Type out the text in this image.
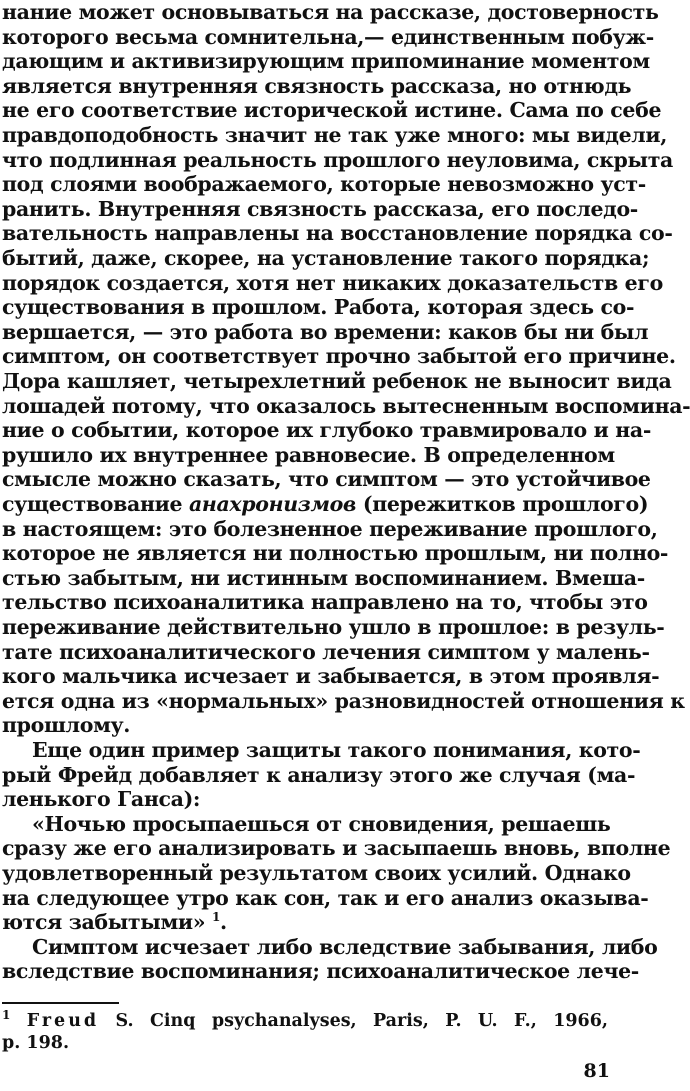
нание может основываться на рассказе, достоверность
которого весьма сомнительна,— единственным побуж-
дающим и активизирующим припоминание моментом
является внутренняя связность рассказа, но отнюдь
не его соответствие исторической истине. Сама по себе
правдоподобность значит не так уже много: мы видели,
что подлинная реальность прошлого неуловима, скрыта
под слоями воображаемого, которые невозможно уст-
ранить. Внутренняя связность рассказа, его последо-
вательность направлены на восстановление порядка со-
бытий, даже, скорее, на установление такого порядка;
порядок создается, хотя нет никаких доказательств его
существования в прошлом. Работа, которая здесь со-
вершается, — это работа во времени: каков бы ни был
симптом, он соответствует прочно забытой его причине.
Дора кашляет, четырехлетний ребенок не выносит вида
лошадей потому, что оказалось вытесненным воспомина-
ние о событии, которое их глубоко травмировало и на-
рушило их внутреннее равновесие. В определенном
смысле можно сказать, что симптом — это устойчивое
существование анахронизмов (пережитков прошлого)
в настоящем: это болезненное переживание прошлого,
которое не является ни полностью прошлым, ни полно-
стью забытым, ни истинным воспоминанием. Вмеша-
тельство психоаналитика направлено на то, чтобы это
переживание действительно ушло в прошлое: в резуль-
тате психоаналитического лечения симптом у малень-
кого мальчика исчезает и забывается, в этом проявля-
ется одна из «нормальных» разновидностей отношения к
прошлому.
Еще один пример защиты такого понимания, кото-
рый Фрейд добавляет к анализу этого же случая (ма-
ленького Ганса):
«Ночью просыпаешься от сновидения, решаешь
сразу же его анализировать и засыпаешь вновь, вполне
удовлетворенный результатом своих усилий. Однако
на следующее утро как сон, так и его анализ оказыва-
ются забытыми» $^1$.
Симптом исчезает либо вследствие забывания, либо
$^1$ Freud S. Cinq psychanalyses, Paris, P. U. F., 1966,
81
вследствие воспоминания; психоаналитическое лече-
p. 198.
